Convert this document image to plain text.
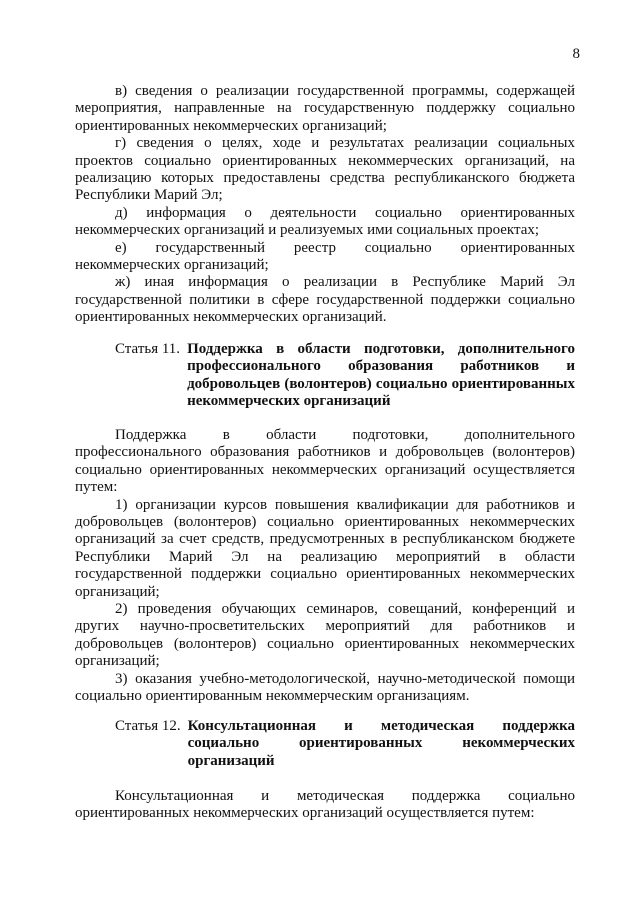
8

в) сведения о реализации государственной программы, содержащей мероприятия, направленные на государственную поддержку социально ориентированных некоммерческих организаций;

г) сведения о целях, ходе и результатах реализации социальных проектов социально ориентированных некоммерческих организаций, на реализацию которых предоставлены средства республиканского бюджета Республики Марий Эл;

д) информация о деятельности социально ориентированных некоммерческих организаций и реализуемых ими социальных проектах;

е) государственный реестр социально ориентированных некоммерческих организаций;

ж) иная информация о реализации в Республике Марий Эл государственной политики в сфере государственной поддержки социально ориентированных некоммерческих организаций.

Статья 11. Поддержка в области подготовки, дополнительного профессионального образования работников и добровольцев (волонтеров) социально ориентированных некоммерческих организаций

Поддержка в области подготовки, дополнительного профессионального образования работников и добровольцев (волонтеров) социально ориентированных некоммерческих организаций осуществляется путем:

1) организации курсов повышения квалификации для работников и добровольцев (волонтеров) социально ориентированных некоммерческих организаций за счет средств, предусмотренных в республиканском бюджете Республики Марий Эл на реализацию мероприятий в области государственной поддержки социально ориентированных некоммерческих организаций;

2) проведения обучающих семинаров, совещаний, конференций и других научно-просветительских мероприятий для работников и добровольцев (волонтеров) социально ориентированных некоммерческих организаций;

3) оказания учебно-методологической, научно-методической помощи социально ориентированным некоммерческим организациям.

Статья 12. Консультационная и методическая поддержка социально ориентированных некоммерческих организаций

Консультационная и методическая поддержка социально ориентированных некоммерческих организаций осуществляется путем:
